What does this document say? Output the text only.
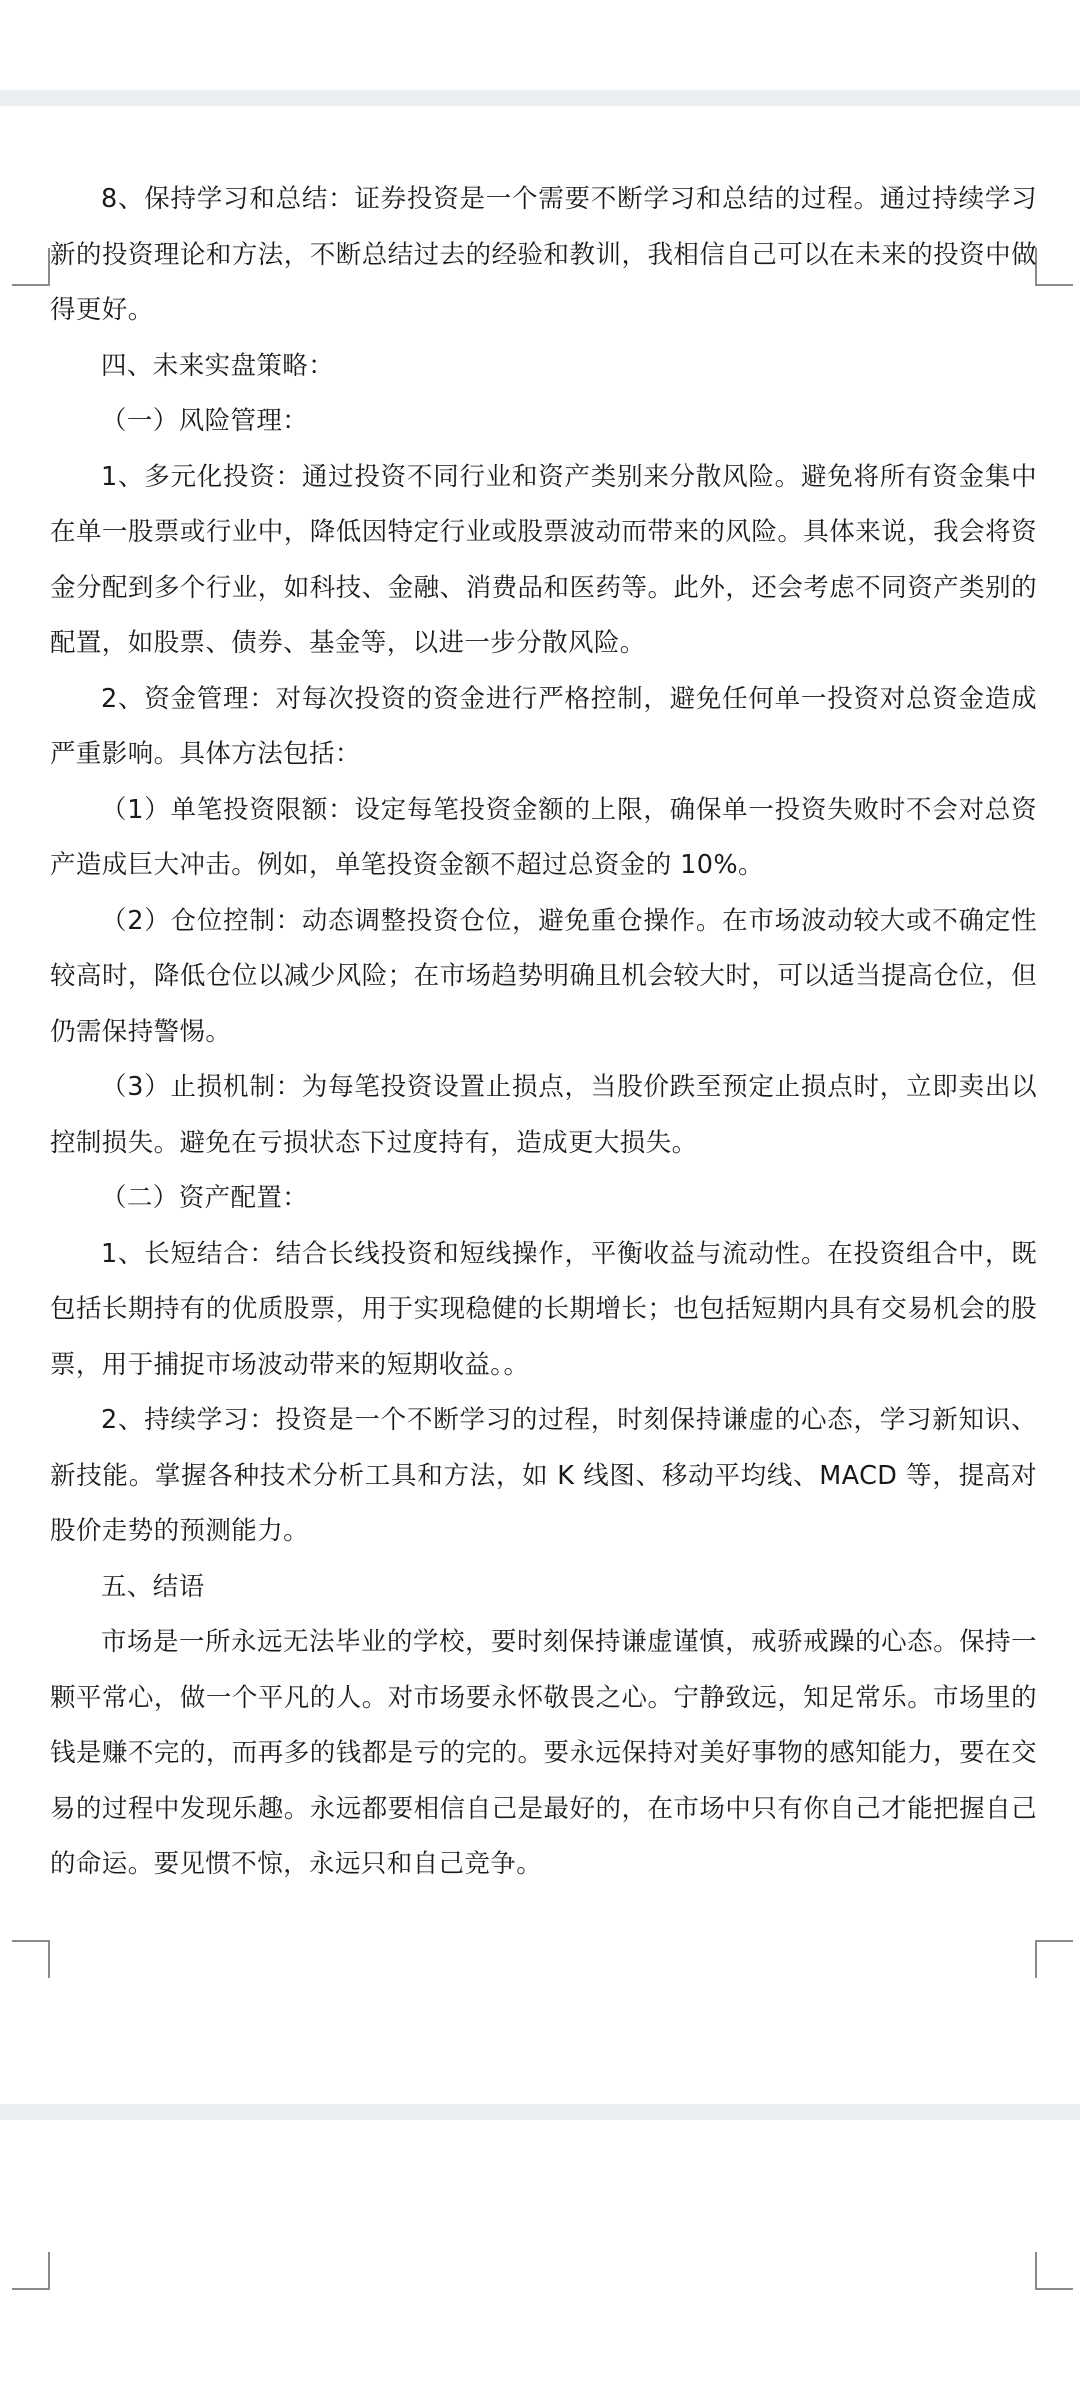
8、保持学习和总结：证券投资是一个需要不断学习和总结的过程。通过持续学习新的投资理论和方法，不断总结过去的经验和教训，我相信自己可以在未来的投资中做得更好。

四、未来实盘策略：

（一）风险管理：

1、多元化投资：通过投资不同行业和资产类别来分散风险。避免将所有资金集中在单一股票或行业中，降低因特定行业或股票波动而带来的风险。具体来说，我会将资金分配到多个行业，如科技、金融、消费品和医药等。此外，还会考虑不同资产类别的配置，如股票、债券、基金等，以进一步分散风险。

2、资金管理：对每次投资的资金进行严格控制，避免任何单一投资对总资金造成严重影响。具体方法包括：

（1）单笔投资限额：设定每笔投资金额的上限，确保单一投资失败时不会对总资产造成巨大冲击。例如，单笔投资金额不超过总资金的 10%。

（2）仓位控制：动态调整投资仓位，避免重仓操作。在市场波动较大或不确定性较高时，降低仓位以减少风险；在市场趋势明确且机会较大时，可以适当提高仓位，但仍需保持警惕。

（3）止损机制：为每笔投资设置止损点，当股价跌至预定止损点时，立即卖出以控制损失。避免在亏损状态下过度持有，造成更大损失。

（二）资产配置：

1、长短结合：结合长线投资和短线操作，平衡收益与流动性。在投资组合中，既包括长期持有的优质股票，用于实现稳健的长期增长；也包括短期内具有交易机会的股票，用于捕捉市场波动带来的短期收益。。

2、持续学习：投资是一个不断学习的过程，时刻保持谦虚的心态，学习新知识、新技能。掌握各种技术分析工具和方法，如 K 线图、移动平均线、MACD 等，提高对股价走势的预测能力。

五、结语

市场是一所永远无法毕业的学校，要时刻保持谦虚谨慎，戒骄戒躁的心态。保持一颗平常心，做一个平凡的人。对市场要永怀敬畏之心。宁静致远，知足常乐。市场里的钱是赚不完的，而再多的钱都是亏的完的。要永远保持对美好事物的感知能力，要在交易的过程中发现乐趣。永远都要相信自己是最好的，在市场中只有你自己才能把握自己的命运。要见惯不惊，永远只和自己竞争。
